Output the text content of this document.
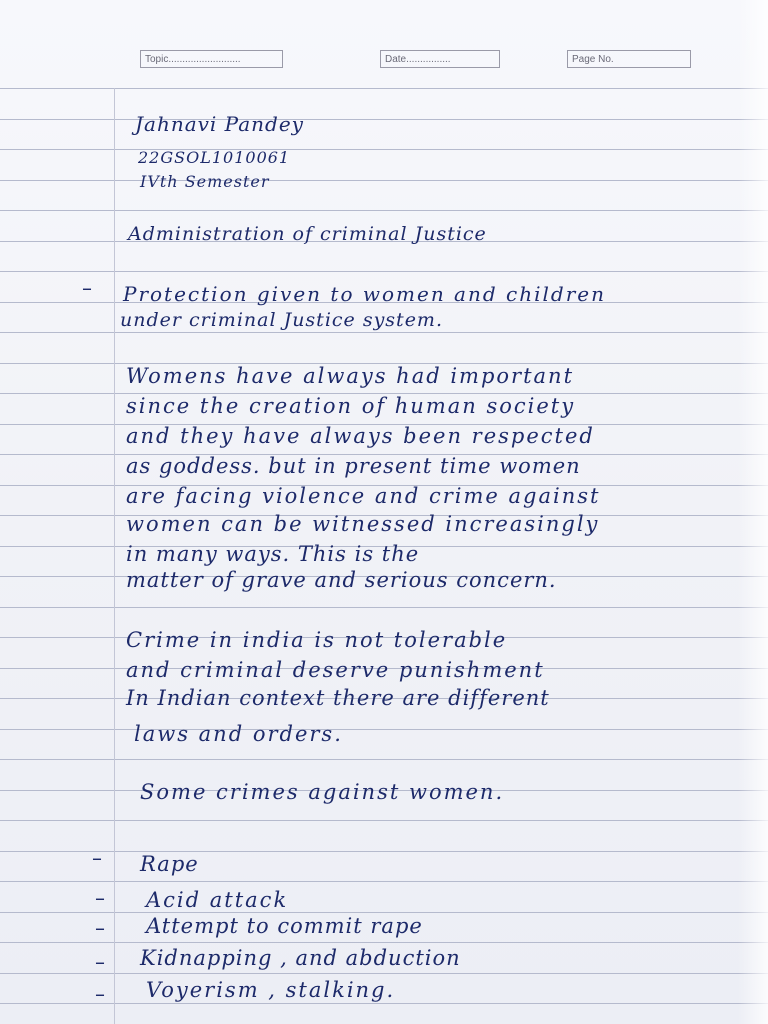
Topic..........................	Date................	Page No.
Jahnavi Pandey
22GSOL1010061
IVth Semester
Administration of criminal Justice
– Protection given to women and children
under criminal Justice system.
Womens have always had important
since the creation of human society
and they have always been respected
as goddess. but in present time women
are facing violence and crime against
women can be witnessed increasingly
in many ways. This is the
matter of grave and serious concern.
Crime in india is not tolerable
and criminal deserve punishment
In Indian context there are different
laws and orders.
Some crimes against women.
– Rape
– Acid attack
– Attempt to commit rape
– Kidnapping , and abduction
– Voyerism , stalking.
